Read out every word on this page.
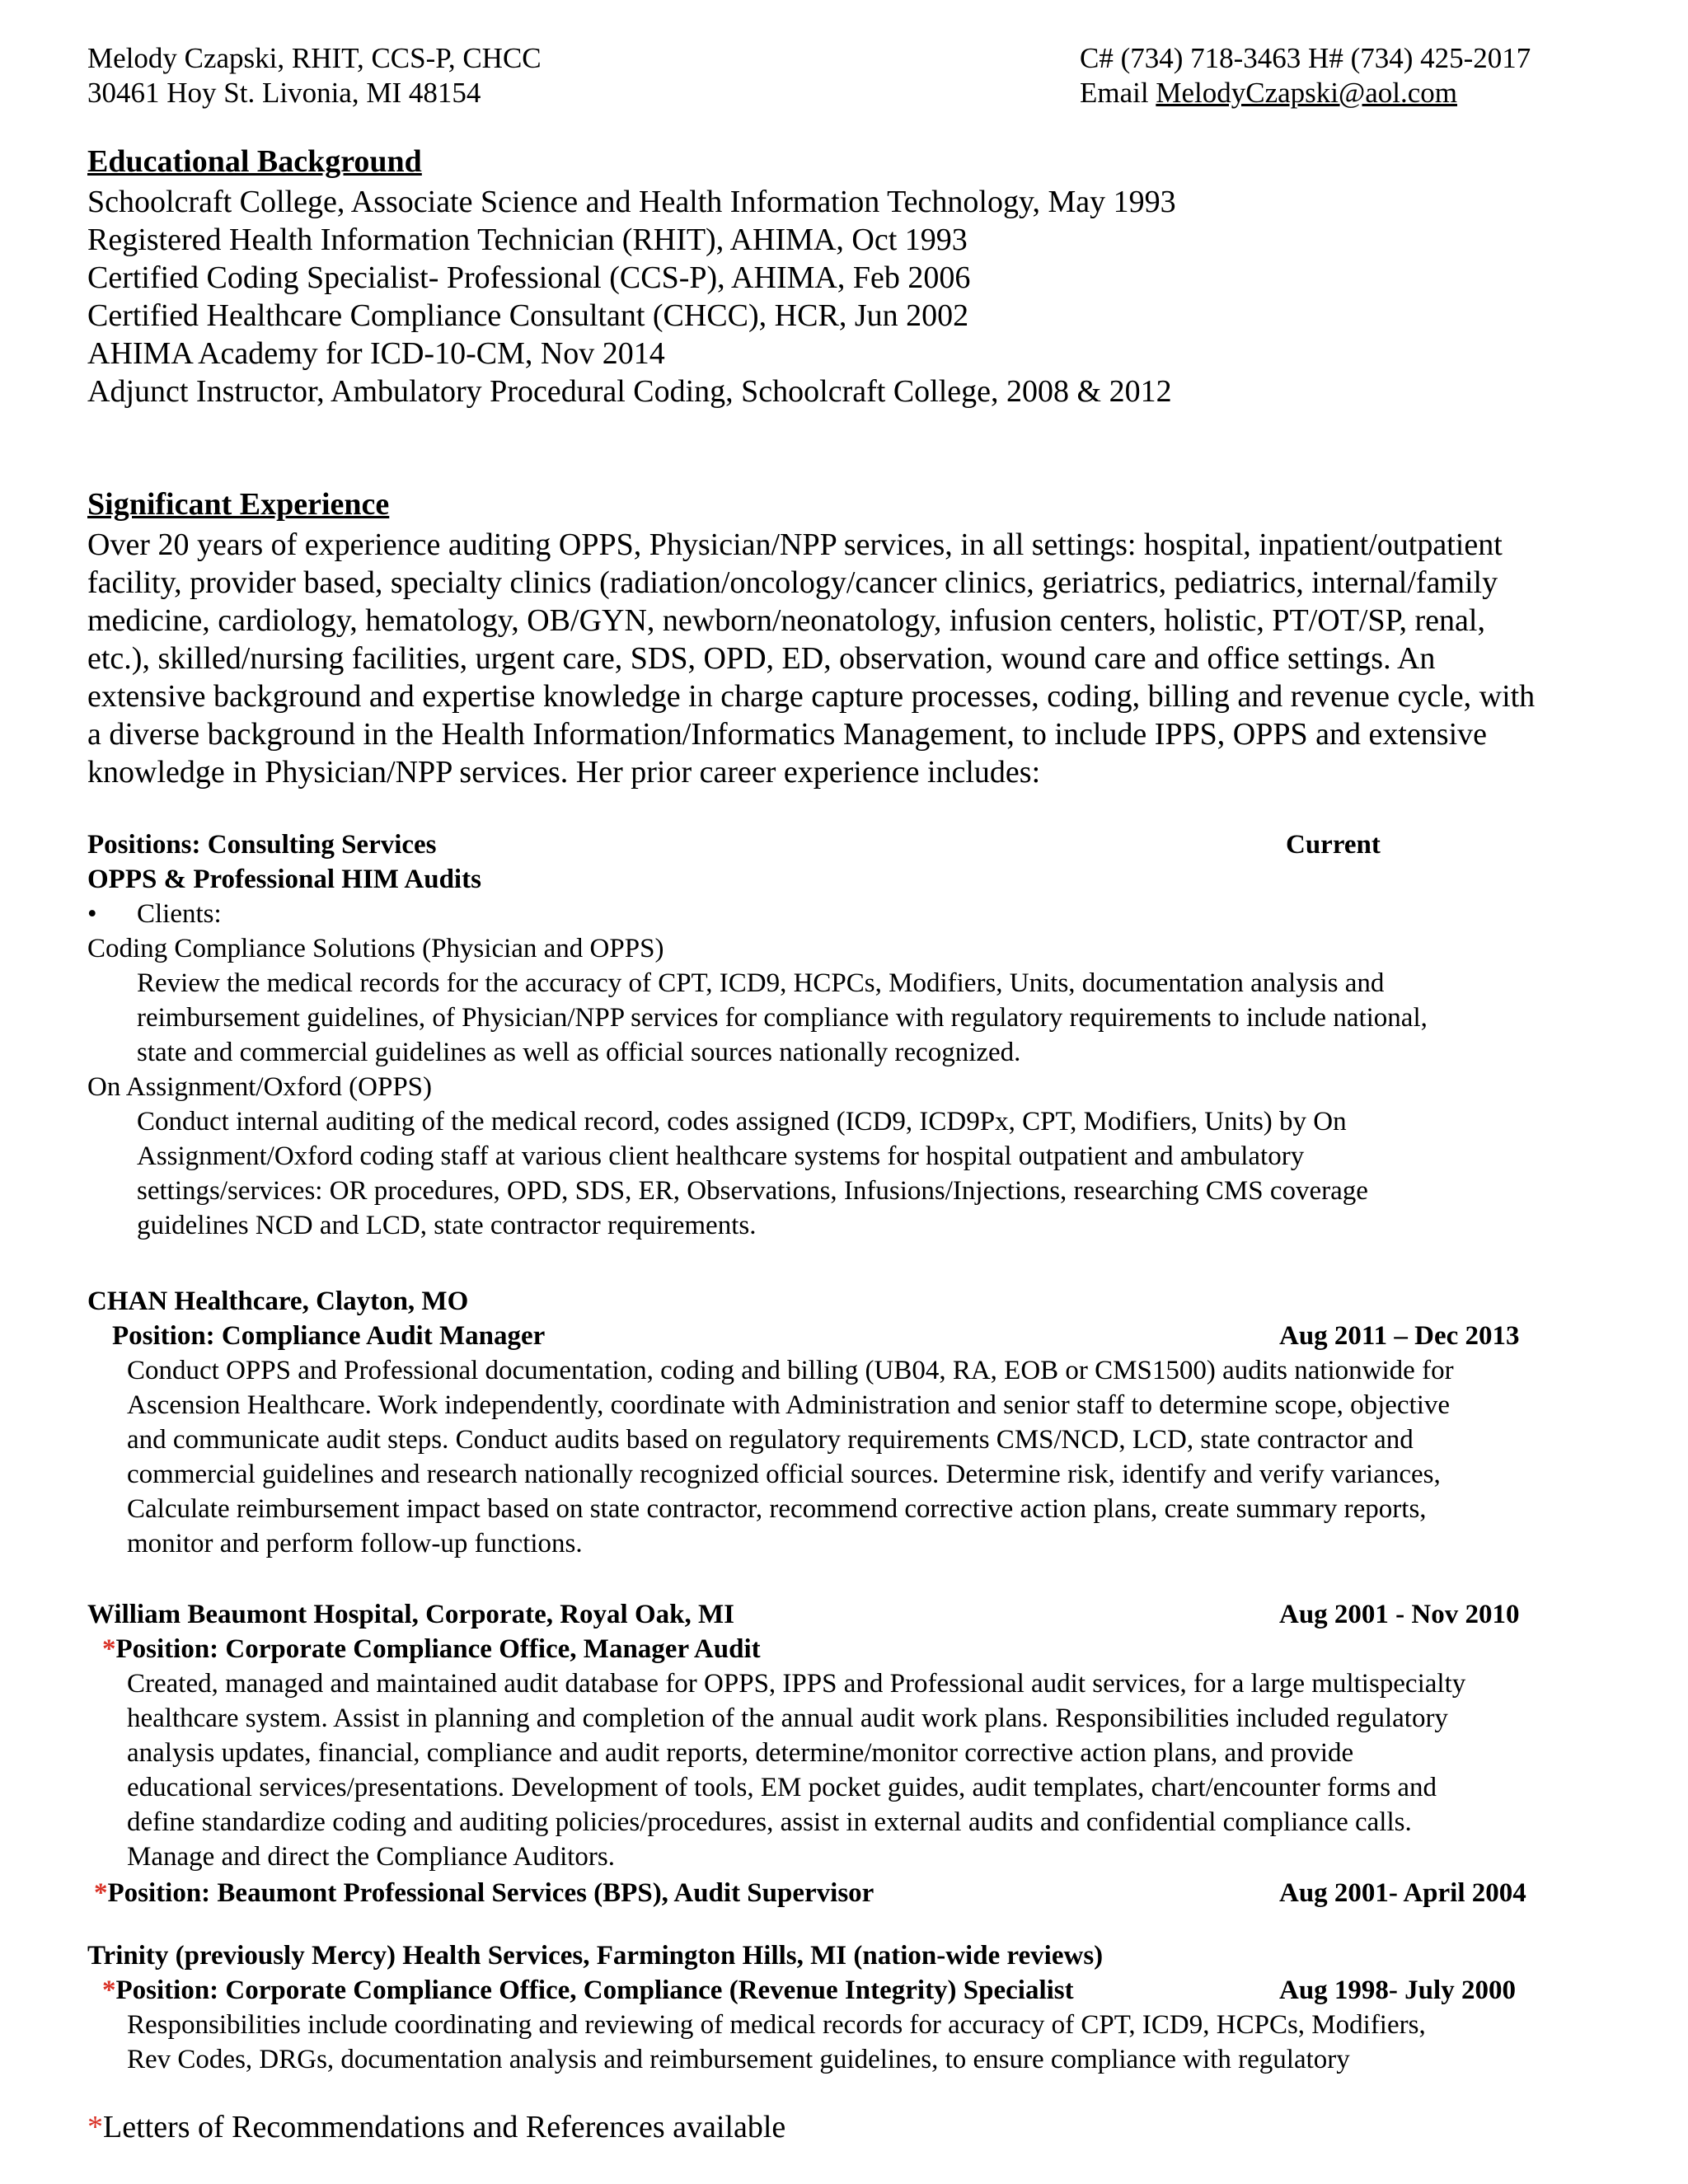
Melody Czapski, RHIT, CCS-P, CHCC
30461 Hoy St. Livonia, MI 48154
C# (734) 718-3463 H# (734) 425-2017
Email MelodyCzapski@aol.com
Educational Background
Schoolcraft College, Associate Science and Health Information Technology, May 1993
Registered Health Information Technician (RHIT), AHIMA, Oct 1993
Certified Coding Specialist- Professional (CCS-P), AHIMA, Feb 2006
Certified Healthcare Compliance Consultant (CHCC), HCR, Jun 2002
AHIMA Academy for ICD-10-CM, Nov 2014
Adjunct Instructor, Ambulatory Procedural Coding, Schoolcraft College, 2008 & 2012
Significant Experience
Over 20 years of experience auditing OPPS, Physician/NPP services, in all settings: hospital, inpatient/outpatient
facility, provider based, specialty clinics (radiation/oncology/cancer clinics, geriatrics, pediatrics, internal/family
medicine, cardiology, hematology, OB/GYN, newborn/neonatology, infusion centers, holistic, PT/OT/SP, renal,
etc.), skilled/nursing facilities, urgent care, SDS, OPD, ED, observation, wound care and office settings. An
extensive background and expertise knowledge in charge capture processes, coding, billing and revenue cycle, with
a diverse background in the Health Information/Informatics Management, to include IPPS, OPPS and extensive
knowledge in Physician/NPP services. Her prior career experience includes:
Positions: Consulting Services	Current
OPPS & Professional HIM Audits
• Clients:
Coding Compliance Solutions (Physician and OPPS)
Review the medical records for the accuracy of CPT, ICD9, HCPCs, Modifiers, Units, documentation analysis and
reimbursement guidelines, of Physician/NPP services for compliance with regulatory requirements to include national,
state and commercial guidelines as well as official sources nationally recognized.
On Assignment/Oxford (OPPS)
Conduct internal auditing of the medical record, codes assigned (ICD9, ICD9Px, CPT, Modifiers, Units) by On
Assignment/Oxford coding staff at various client healthcare systems for hospital outpatient and ambulatory
settings/services: OR procedures, OPD, SDS, ER, Observations, Infusions/Injections, researching CMS coverage
guidelines NCD and LCD, state contractor requirements.
CHAN Healthcare, Clayton, MO
Position: Compliance Audit Manager	Aug 2011 – Dec 2013
Conduct OPPS and Professional documentation, coding and billing (UB04, RA, EOB or CMS1500) audits nationwide for
Ascension Healthcare. Work independently, coordinate with Administration and senior staff to determine scope, objective
and communicate audit steps. Conduct audits based on regulatory requirements CMS/NCD, LCD, state contractor and
commercial guidelines and research nationally recognized official sources. Determine risk, identify and verify variances,
Calculate reimbursement impact based on state contractor, recommend corrective action plans, create summary reports,
monitor and perform follow-up functions.
William Beaumont Hospital, Corporate, Royal Oak, MI	Aug 2001 - Nov 2010
*Position: Corporate Compliance Office, Manager Audit
Created, managed and maintained audit database for OPPS, IPPS and Professional audit services, for a large multispecialty
healthcare system. Assist in planning and completion of the annual audit work plans. Responsibilities included regulatory
analysis updates, financial, compliance and audit reports, determine/monitor corrective action plans, and provide
educational services/presentations. Development of tools, EM pocket guides, audit templates, chart/encounter forms and
define standardize coding and auditing policies/procedures, assist in external audits and confidential compliance calls.
Manage and direct the Compliance Auditors.
*Position: Beaumont Professional Services (BPS), Audit Supervisor	Aug 2001- April 2004
Trinity (previously Mercy) Health Services, Farmington Hills, MI (nation-wide reviews)
*Position: Corporate Compliance Office, Compliance (Revenue Integrity) Specialist	Aug 1998- July 2000
Responsibilities include coordinating and reviewing of medical records for accuracy of CPT, ICD9, HCPCs, Modifiers,
Rev Codes, DRGs, documentation analysis and reimbursement guidelines, to ensure compliance with regulatory
*Letters of Recommendations and References available
